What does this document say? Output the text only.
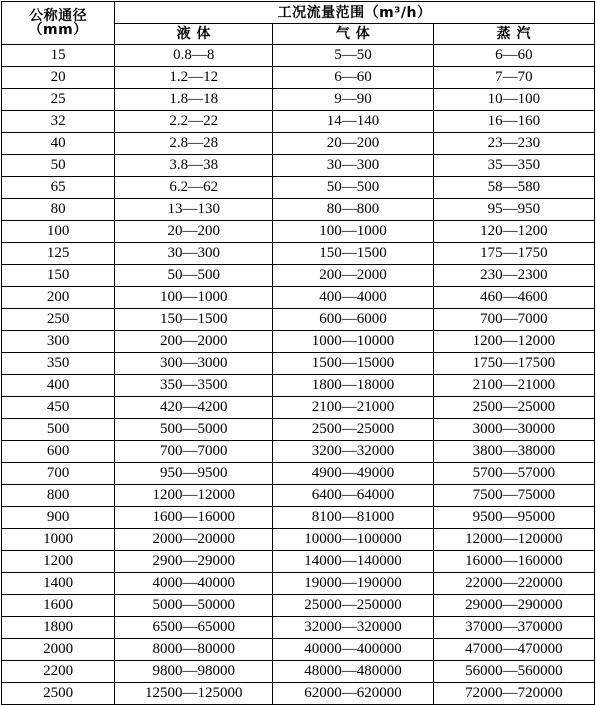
公称通径
（mm）	工况流量范围（m³/h）		
	液 体	气 体	蒸 汽
15	0.8—8	5—50	6—60
20	1.2—12	6—60	7—70
25	1.8—18	9—90	10—100
32	2.2—22	14—140	16—160
40	2.8—28	20—200	23—230
50	3.8—38	30—300	35—350
65	6.2—62	50—500	58—580
80	13—130	80—800	95—950
100	20—200	100—1000	120—1200
125	30—300	150—1500	175—1750
150	50—500	200—2000	230—2300
200	100—1000	400—4000	460—4600
250	150—1500	600—6000	700—7000
300	200—2000	1000—10000	1200—12000
350	300—3000	1500—15000	1750—17500
400	350—3500	1800—18000	2100—21000
450	420—4200	2100—21000	2500—25000
500	500—5000	2500—25000	3000—30000
600	700—7000	3200—32000	3800—38000
700	950—9500	4900—49000	5700—57000
800	1200—12000	6400—64000	7500—75000
900	1600—16000	8100—81000	9500—95000
1000	2000—20000	10000—100000	12000—120000
1200	2900—29000	14000—140000	16000—160000
1400	4000—40000	19000—190000	22000—220000
1600	5000—50000	25000—250000	29000—290000
1800	6500—65000	32000—320000	37000—370000
2000	8000—80000	40000—400000	47000—470000
2200	9800—98000	48000—480000	56000—560000
2500	12500—125000	62000—620000	72000—720000
